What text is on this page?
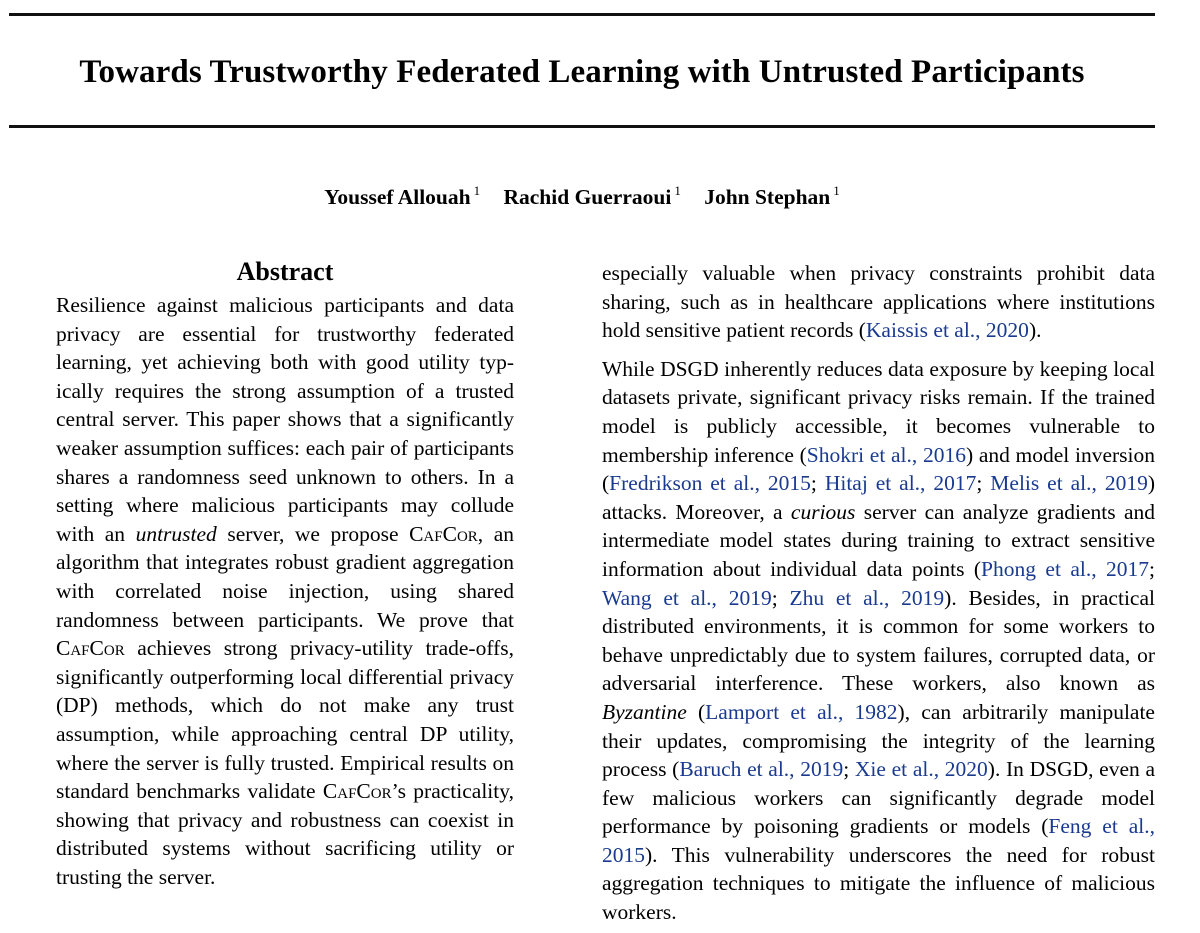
Towards Trustworthy Federated Learning with Untrusted Participants
Youssef Allouah $^1$ Rachid Guerraoui $^1$ John Stephan $^1$
Abstract
Resilience against malicious participants and data privacy are essential for trustworthy federated learning, yet achieving both with good utility typically requires the strong assumption of a trusted central server. This paper shows that a significantly weaker assumption suffices: each pair of participants shares a randomness seed unknown to others. In a setting where malicious participants may collude with an untrusted server, we propose CafCor, an algorithm that integrates robust gradient aggregation with correlated noise injection, using shared randomness between participants. We prove that CafCor achieves strong privacy-utility trade-offs, significantly outperforming local differential privacy (DP) methods, which do not make any trust assumption, while approaching central DP utility, where the server is fully trusted. Empirical results on standard benchmarks validate CafCor’s practicality, showing that privacy and robustness can coexist in distributed systems without sacrificing utility or trusting the server.

especially valuable when privacy constraints prohibit data sharing, such as in healthcare applications where institutions hold sensitive patient records (Kaissis et al., 2020).

While DSGD inherently reduces data exposure by keeping local datasets private, significant privacy risks remain. If the trained model is publicly accessible, it becomes vulnerable to membership inference (Shokri et al., 2016) and model inversion (Fredrikson et al., 2015; Hitaj et al., 2017; Melis et al., 2019) attacks. Moreover, a curious server can analyze gradients and intermediate model states during training to extract sensitive information about individual data points (Phong et al., 2017; Wang et al., 2019; Zhu et al., 2019). Besides, in practical distributed environments, it is common for some workers to behave unpredictably due to system failures, corrupted data, or adversarial interference. These workers, also known as Byzantine (Lamport et al., 1982), can arbitrarily manipulate their updates, compromising the integrity of the learning process (Baruch et al., 2019; Xie et al., 2020). In DSGD, even a few malicious workers can significantly degrade model performance by poisoning gradients or models (Feng et al., 2015). This vulnerability underscores the need for robust aggregation techniques to mitigate the influence of malicious workers.
